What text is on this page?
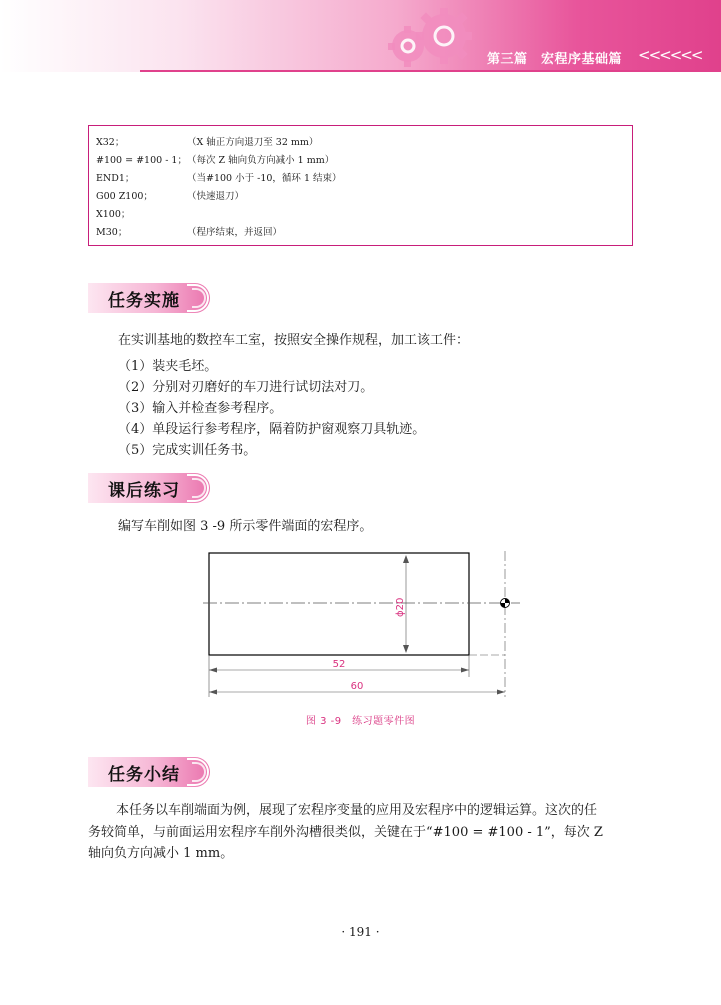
第三篇　宏程序基础篇 <<<<<<
X32；	（X 轴正方向退刀至 32 mm）
#100 = #100 - 1； （每次 Z 轴向负方向减小 1 mm）
END1；	（当#100 小于 -10，循环 1 结束）
G00 Z100；	（快速退刀）
X100；
M30；	（程序结束，并返回）
任务实施
在实训基地的数控车工室，按照安全操作规程，加工该工件：
（1）装夹毛坯。
（2）分别对刃磨好的车刀进行试切法对刀。
（3）输入并检查参考程序。
（4）单段运行参考程序，隔着防护窗观察刀具轨迹。
（5）完成实训任务书。
课后练习
编写车削如图 3 -9 所示零件端面的宏程序。
ϕ20
52
60
图 3 -9　练习题零件图
任务小结
本任务以车削端面为例，展现了宏程序变量的应用及宏程序中的逻辑运算。这次的任
务较简单，与前面运用宏程序车削外沟槽很类似，关键在于“#100 = #100 - 1”，每次 Z
轴向负方向减小 1 mm。
· 191 ·
